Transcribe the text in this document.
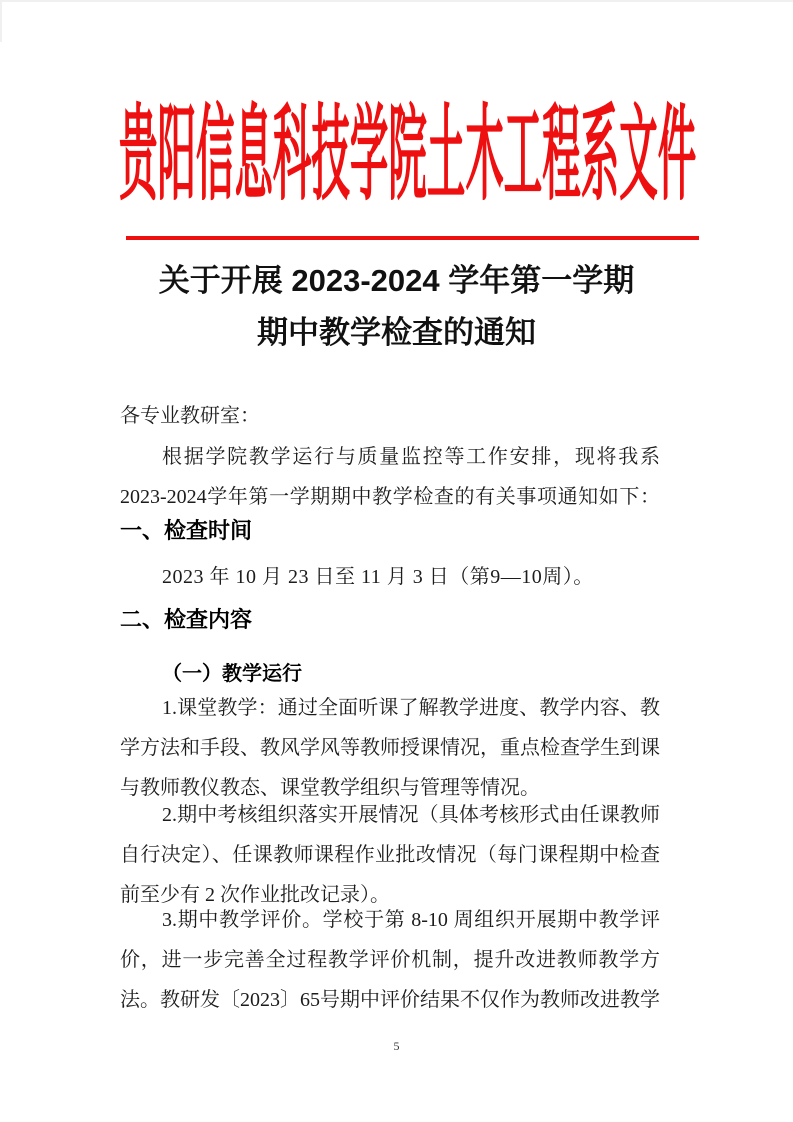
贵阳信息科技学院土木工程系文件
关于开展 2023-2024 学年第一学期
期中教学检查的通知
各专业教研室：
根据学院教学运行与质量监控等工作安排，现将我系
2023-2024学年第一学期期中教学检查的有关事项通知如下：
一、检查时间
2023 年 10 月 23 日至 11 月 3 日（第9—10周）。
二、检查内容
（一）教学运行
1.课堂教学：通过全面听课了解教学进度、教学内容、教
学方法和手段、教风学风等教师授课情况，重点检查学生到课
与教师教仪教态、课堂教学组织与管理等情况。
2.期中考核组织落实开展情况（具体考核形式由任课教师
自行决定）、任课教师课程作业批改情况（每门课程期中检查
前至少有 2 次作业批改记录）。
3.期中教学评价。学校于第 8-10 周组织开展期中教学评
价，进一步完善全过程教学评价机制，提升改进教师教学方
法。教研发〔2023〕65号期中评价结果不仅作为教师改进教学
5
